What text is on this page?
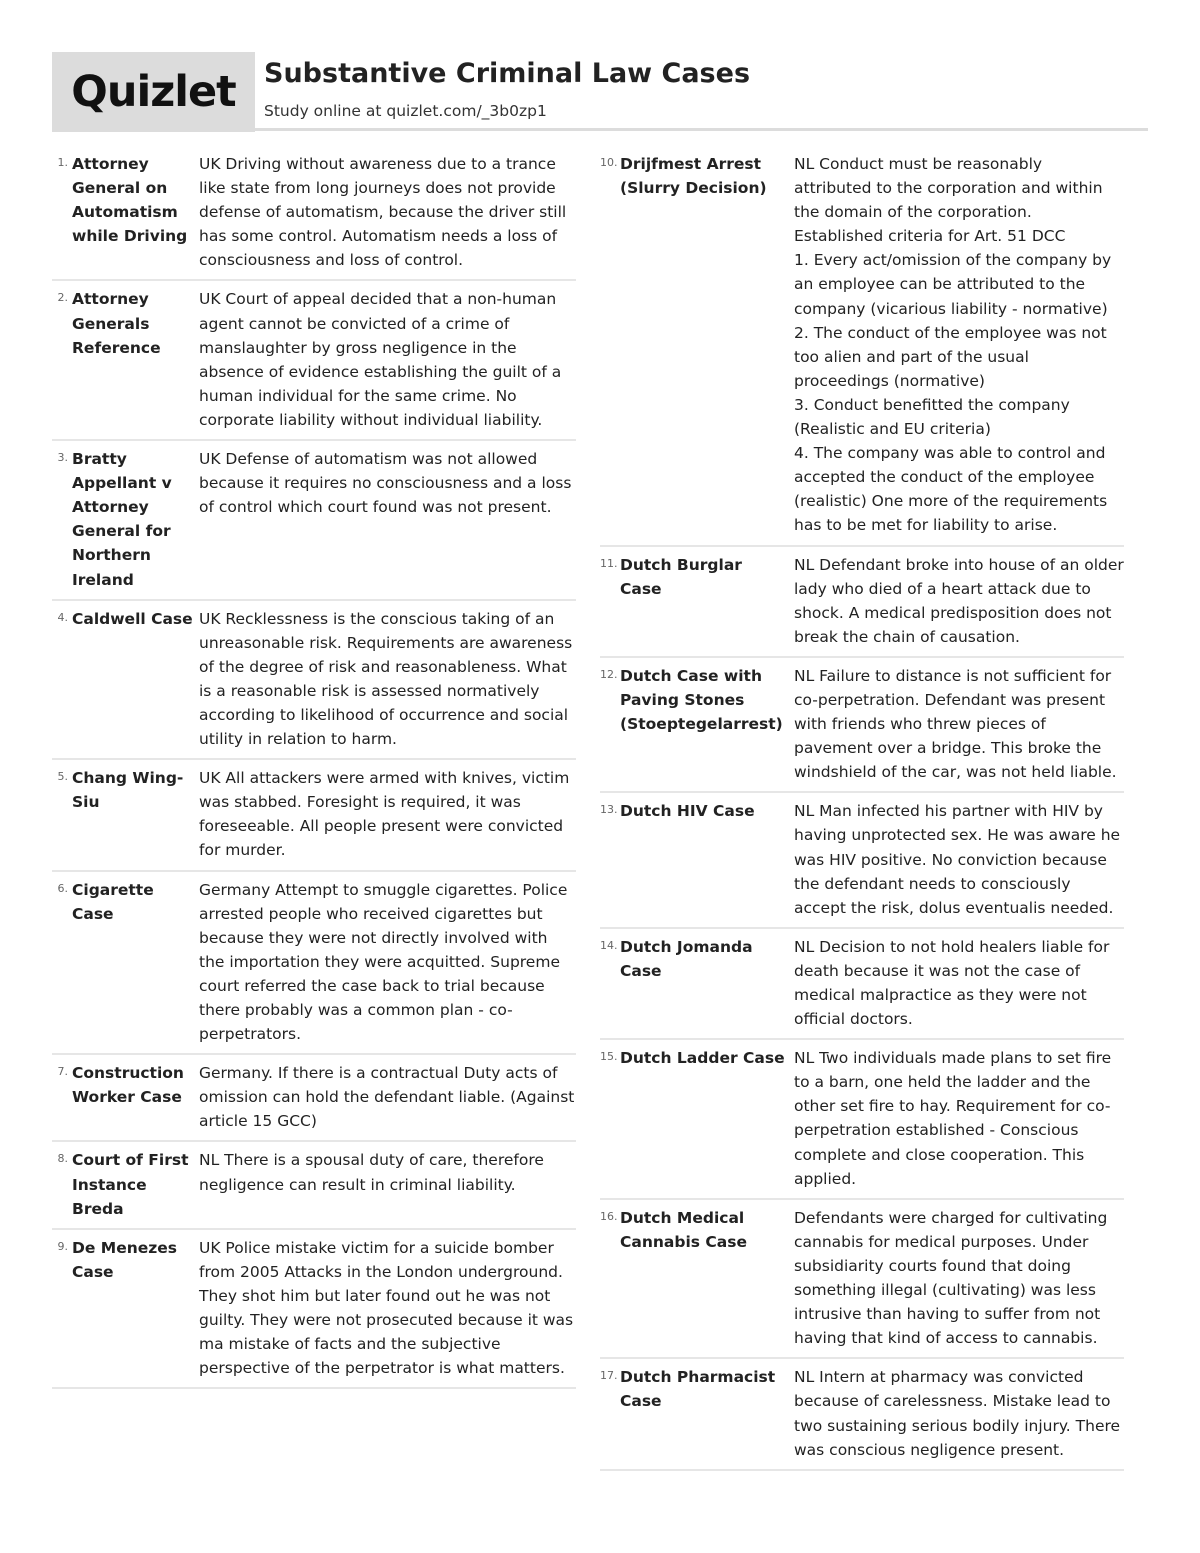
Quizlet Substantive Criminal Law Cases
Study online at quizlet.com/_3b0zp1
1. Attorney General on Automatism while Driving
UK Driving without awareness due to a trance like state from long journeys does not provide defense of automatism, because the driver still has some control. Automatism needs a loss of consciousness and loss of control.
2. Attorney Generals Reference
UK Court of appeal decided that a non-human agent cannot be convicted of a crime of manslaughter by gross negligence in the absence of evidence establishing the guilt of a human individual for the same crime. No corporate liability without individual liability.
3. Bratty Appellant v Attorney General for Northern Ireland
UK Defense of automatism was not allowed because it requires no consciousness and a loss of control which court found was not present.
4. Caldwell Case UK Recklessness is the conscious taking of an unreasonable risk. Requirements are awareness of the degree of risk and reasonableness. What is a reasonable risk is assessed normatively according to likelihood of occurrence and social utility in relation to harm.
5. Chang Wing-Siu
UK All attackers were armed with knives, victim was stabbed. Foresight is required, it was foreseeable. All people present were convicted for murder.
6. Cigarette Case
Germany Attempt to smuggle cigarettes. Police arrested people who received cigarettes but because they were not directly involved with the importation they were acquitted. Supreme court referred the case back to trial because there probably was a common plan - co-perpetrators.
7. Construction Worker Case
Germany. If there is a contractual Duty acts of omission can hold the defendant liable. (Against article 15 GCC)
8. Court of First Instance Breda
NL There is a spousal duty of care, therefore negligence can result in criminal liability.
9. De Menezes Case
UK Police mistake victim for a suicide bomber from 2005 Attacks in the London underground. They shot him but later found out he was not guilty. They were not prosecuted because it was ma mistake of facts and the subjective perspective of the perpetrator is what matters.
10. Drijfmest Arrest (Slurry Decision)
NL Conduct must be reasonably attributed to the corporation and within the domain of the corporation.
Established criteria for Art. 51 DCC
1. Every act/omission of the company by an employee can be attributed to the company (vicarious liability - normative)
2. The conduct of the employee was not too alien and part of the usual proceedings (normative)
3. Conduct benefitted the company (Realistic and EU criteria)
4. The company was able to control and accepted the conduct of the employee (realistic) One more of the requirements has to be met for liability to arise.
11. Dutch Burglar Case
NL Defendant broke into house of an older lady who died of a heart attack due to shock. A medical predisposition does not break the chain of causation.
12. Dutch Case with Paving Stones (Stoeptegelarrest)
NL Failure to distance is not sufficient for co-perpetration. Defendant was present with friends who threw pieces of pavement over a bridge. This broke the windshield of the car, was not held liable.
13. Dutch HIV Case	NL Man infected his partner with HIV by having unprotected sex. He was aware he was HIV positive. No conviction because the defendant needs to consciously accept the risk, dolus eventualis needed.
14. Dutch Jomanda Case
NL Decision to not hold healers liable for death because it was not the case of medical malpractice as they were not official doctors.
15. Dutch Ladder Case NL Two individuals made plans to set fire to a barn, one held the ladder and the other set fire to hay. Requirement for co-perpetration established - Conscious complete and close cooperation. This applied.
16. Dutch Medical Cannabis Case
Defendants were charged for cultivating cannabis for medical purposes. Under subsidiarity courts found that doing something illegal (cultivating) was less intrusive than having to suffer from not having that kind of access to cannabis.
17. Dutch Pharmacist Case
NL Intern at pharmacy was convicted because of carelessness. Mistake lead to two sustaining serious bodily injury. There was conscious negligence present.
